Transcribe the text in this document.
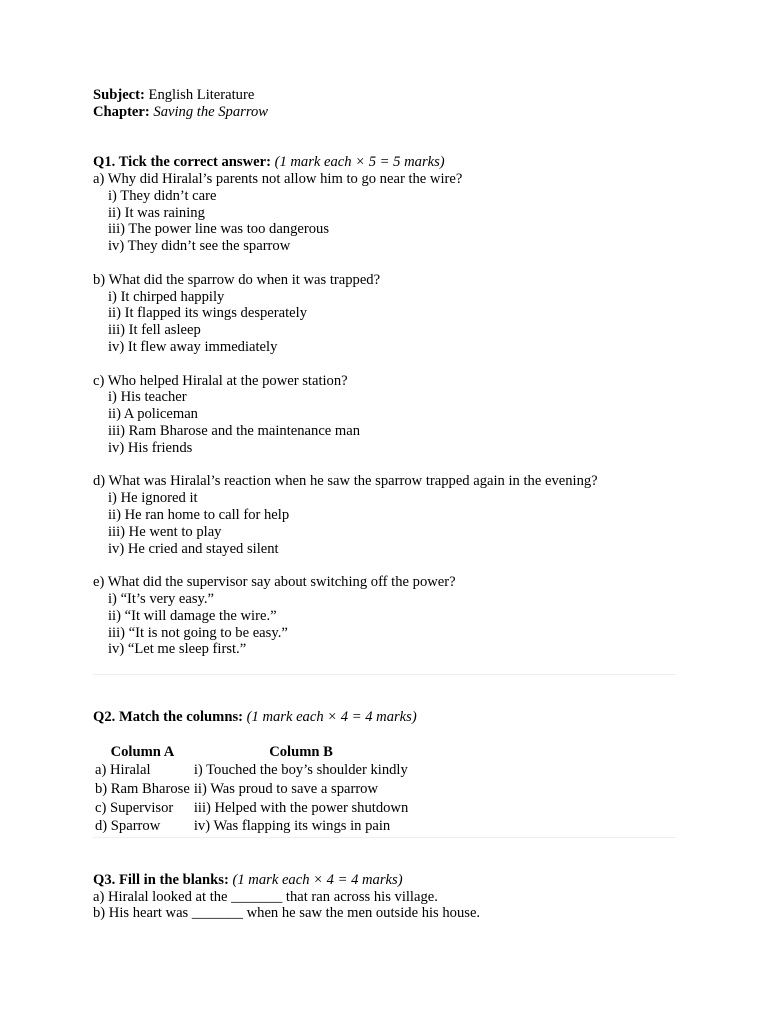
Subject: English Literature
Chapter: Saving the Sparrow
Q1. Tick the correct answer: (1 mark each × 5 = 5 marks)
a) Why did Hiralal’s parents not allow him to go near the wire?
i) They didn’t care
ii) It was raining
iii) The power line was too dangerous
iv) They didn’t see the sparrow
b) What did the sparrow do when it was trapped?
i) It chirped happily
ii) It flapped its wings desperately
iii) It fell asleep
iv) It flew away immediately
c) Who helped Hiralal at the power station?
i) His teacher
ii) A policeman
iii) Ram Bharose and the maintenance man
iv) His friends
d) What was Hiralal’s reaction when he saw the sparrow trapped again in the evening?
i) He ignored it
ii) He ran home to call for help
iii) He went to play
iv) He cried and stayed silent
e) What did the supervisor say about switching off the power?
i) “It’s very easy.”
ii) “It will damage the wire.”
iii) “It is not going to be easy.”
iv) “Let me sleep first.”
Q2. Match the columns: (1 mark each × 4 = 4 marks)
Column A	Column B
a) Hiralal	i) Touched the boy’s shoulder kindly
b) Ram Bharose	ii) Was proud to save a sparrow
c) Supervisor	iii) Helped with the power shutdown
d) Sparrow	iv) Was flapping its wings in pain
Q3. Fill in the blanks: (1 mark each × 4 = 4 marks)
a) Hiralal looked at the _______ that ran across his village.
b) His heart was _______ when he saw the men outside his house.
